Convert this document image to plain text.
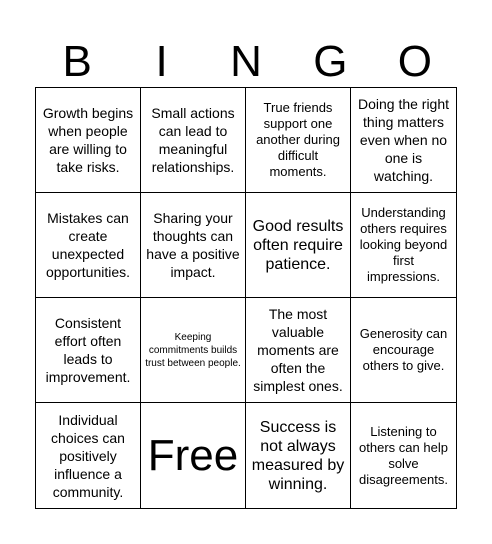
B	I	N	G	O
Growth begins when people are willing to take risks.
Small actions can lead to meaningful relationships.
True friends support one another during difficult moments.
Doing the right thing matters even when no one is watching.
Mistakes can create unexpected opportunities.
Sharing your thoughts can have a positive impact.
Good results often require patience.
Understanding others requires looking beyond first impressions.
Consistent effort often leads to improvement.
Keeping commitments builds trust between people.
The most valuable moments are often the simplest ones.
Generosity can encourage others to give.
Individual choices can positively influence a community.
Free
Success is not always measured by winning.
Listening to others can help solve disagreements.
